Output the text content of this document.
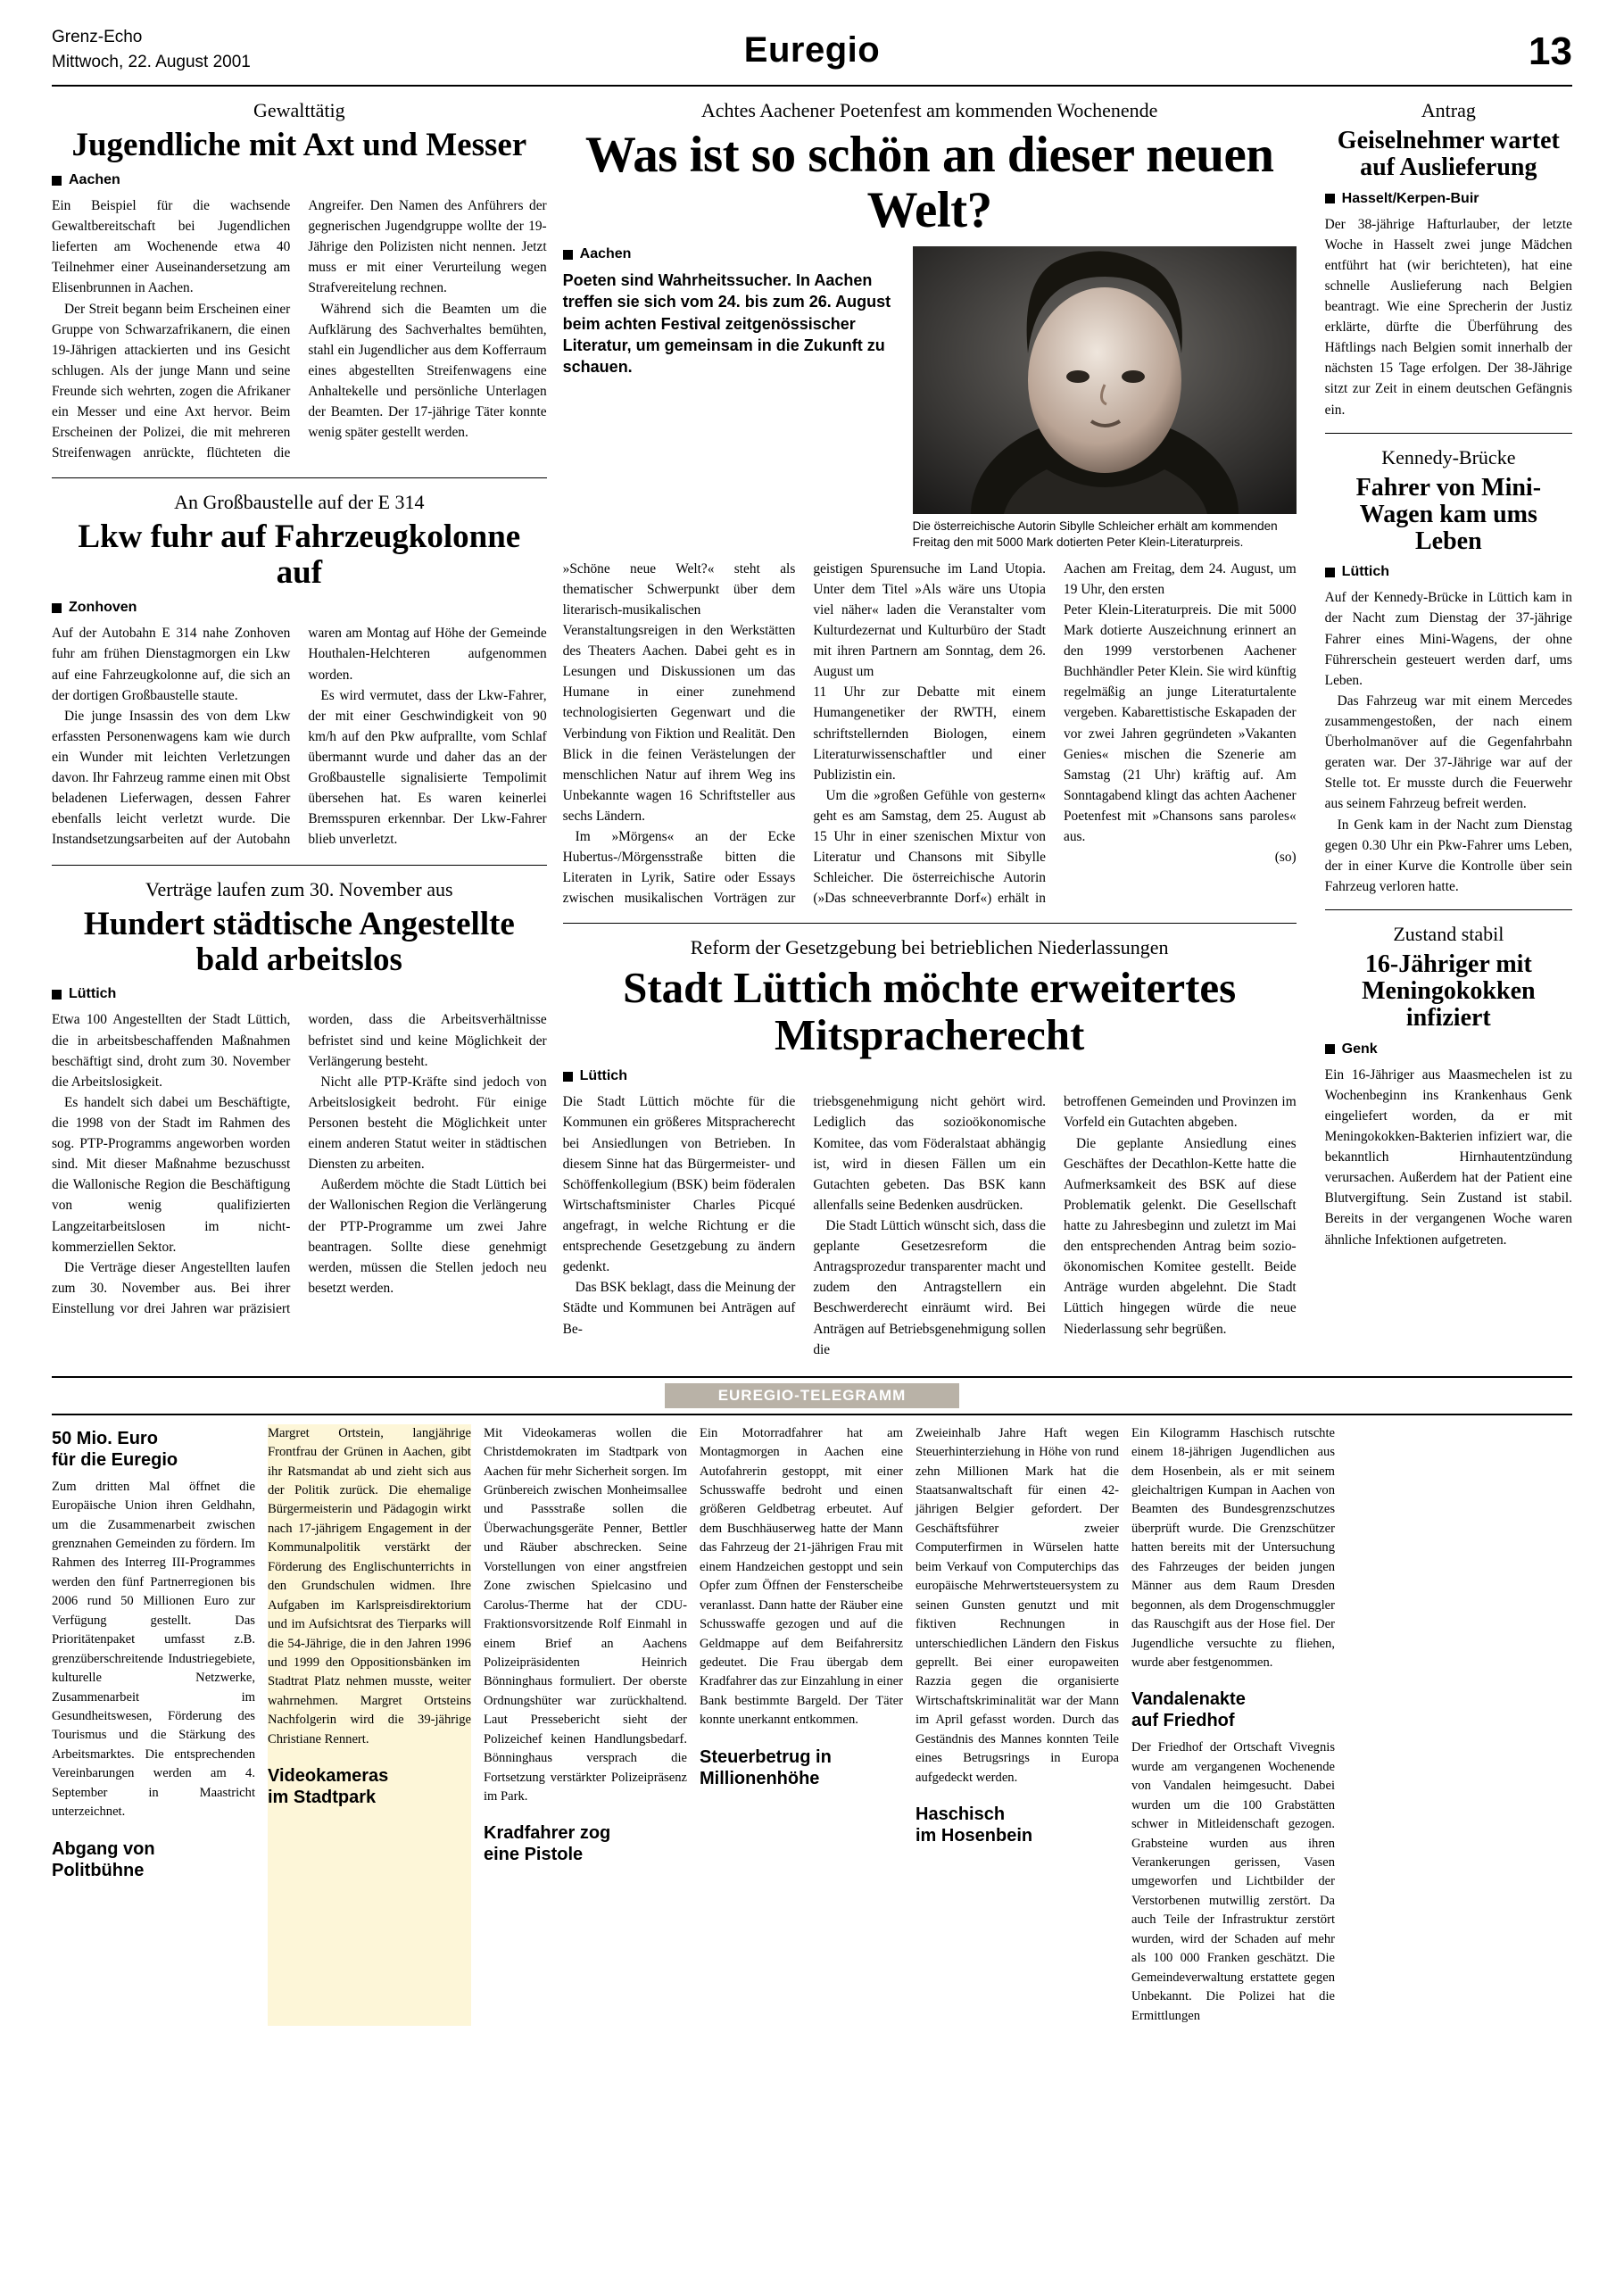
Grenz-Echo
Mittwoch, 22. August 2001	Euregio	13
Gewalttätig
Jugendliche mit Axt und Messer
Aachen

Ein Beispiel für die wachsende Gewaltbereitschaft bei Jugendlichen lieferten am Wochenende etwa 40 Teilnehmer einer Auseinandersetzung am Elisenbrunnen in Aachen.

Der Streit begann beim Erscheinen einer Gruppe von Schwarzafrikanern, die einen 19-Jährigen attackierten und ins Gesicht schlugen. Als der junge Mann und seine Freunde sich wehrten, zogen die Afrikaner ein Messer und eine Axt hervor. Beim Erscheinen der Polizei, die mit mehreren Streifenwagen anrückte, flüchteten die Angreifer. Den Namen des Anführers der gegnerischen Jugendgruppe wollte der 19-Jährige den Polizisten nicht nennen. Jetzt muss er mit einer Verurteilung wegen Strafvereitelung rechnen.

Während sich die Beamten um die Aufklärung des Sachverhaltes bemühten, stahl ein Jugendlicher aus dem Kofferraum eines abgestellten Streifenwagens eine Anhaltekelle und persönliche Unterlagen der Beamten. Der 17-jährige Täter konnte wenig später gestellt werden.

An Großbaustelle auf der E 314
Lkw fuhr auf Fahrzeugkolonne auf
Zonhoven

Auf der Autobahn E 314 nahe Zonhoven fuhr am frühen Dienstagmorgen ein Lkw auf eine Fahrzeugkolonne auf, die sich an der dortigen Großbaustelle staute.

Die junge Insassin des von dem Lkw erfassten Personenwagens kam wie durch ein Wunder mit leichten Verletzungen davon. Ihr Fahrzeug ramme einen mit Obst beladenen Lieferwagen, dessen Fahrer ebenfalls leicht verletzt wurde. Die Instandsetzungsarbeiten auf der Autobahn waren am Montag auf Höhe der Gemeinde Houthalen-Helchteren aufgenommen worden.

Es wird vermutet, dass der Lkw-Fahrer, der mit einer Geschwindigkeit von 90 km/h auf den Pkw aufprallte, vom Schlaf übermannt wurde und daher das an der Großbaustelle signalisierte Tempolimit übersehen hat. Es waren keinerlei Bremsspuren erkennbar. Der Lkw-Fahrer blieb unverletzt.

Verträge laufen zum 30. November aus
Hundert städtische Angestellte bald arbeitslos
Lüttich

Etwa 100 Angestellten der Stadt Lüttich, die in arbeitsbeschaffenden Maßnahmen beschäftigt sind, droht zum 30. November die Arbeitslosigkeit.

Es handelt sich dabei um Beschäftigte, die 1998 von der Stadt im Rahmen des sog. PTP-Programms angeworben worden sind. Mit dieser Maßnahme bezuschusst die Wallonische Region die Beschäftigung von wenig qualifizierten Langzeitarbeitslosen im nicht-kommerziellen Sektor.

Die Verträge dieser Angestellten laufen zum 30. November aus. Bei ihrer Einstellung vor drei Jahren war präzisiert worden, dass die Arbeitsverhältnisse befristet sind und keine Möglichkeit der Verlängerung besteht.

Nicht alle PTP-Kräfte sind jedoch von Arbeitslosigkeit bedroht. Für einige Personen besteht die Möglichkeit unter einem anderen Statut weiter in städtischen Diensten zu arbeiten.

Außerdem möchte die Stadt Lüttich bei der Wallonischen Region die Verlängerung der PTP-Programme um zwei Jahre beantragen. Sollte diese genehmigt werden, müssen die Stellen jedoch neu besetzt werden.

Achtes Aachener Poetenfest am kommenden Wochenende
Was ist so schön an dieser neuen Welt?
Die österreichische Autorin Sibylle Schleicher erhält am kommenden Freitag den mit 5000 Mark dotierten Peter Klein-Literaturpreis.
Aachen
Poeten sind Wahrheitssucher. In Aachen treffen sie sich vom 24. bis zum 26. August beim achten Festival zeitgenössischer Literatur, um gemeinsam in die Zukunft zu schauen.

»Schöne neue Welt?« steht als thematischer Schwerpunkt über dem literarisch-musikalischen Veranstaltungsreigen in den Werkstätten des Theaters Aachen. Dabei geht es in Lesungen und Diskussionen um das Humane in einer zunehmend technologisierten Gegenwart und die Verbindung von Fiktion und Realität. Den Blick in die feinen Verästelungen der menschlichen Natur auf ihrem Weg ins Unbekannte wagen 16 Schriftsteller aus sechs Ländern.

Im »Mörgens« an der Ecke Hubertus-/Mörgensstraße bitten die Literaten in Lyrik, Satire oder Essays zwischen musikalischen Vorträgen zur geistigen Spurensuche im Land Utopia. Unter dem Titel »Als wäre uns Utopia viel näher« laden die Veranstalter vom Kulturdezernat und Kulturbüro der Stadt mit ihren Partnern am Sonntag, dem 26. August um

11 Uhr zur Debatte mit einem Humangenetiker der RWTH, einem schriftstellernden Biologen, einem Literaturwissenschaftler und einer Publizistin ein.

Um die »großen Gefühle von gestern« geht es am Samstag, dem 25. August ab 15 Uhr in einer szenischen Mixtur von Literatur und Chansons mit Sibylle Schleicher. Die österreichische Autorin (»Das schneeverbrannte Dorf«) erhält in Aachen am Freitag, dem 24. August, um 19 Uhr, den ersten

Peter Klein-Literaturpreis. Die mit 5000 Mark dotierte Auszeichnung erinnert an den 1999 verstorbenen Aachener Buchhändler Peter Klein. Sie wird künftig regelmäßig an junge Literaturtalente vergeben. Kabarettistische Eskapaden der vor zwei Jahren gegründeten »Vakanten Genies« mischen die Szenerie am Samstag (21 Uhr) kräftig auf. Am Sonntagabend klingt das achten Aachener Poetenfest mit »Chansons sans paroles« aus.

(so)
Reform der Gesetzgebung bei betrieblichen Niederlassungen
Stadt Lüttich möchte erweitertes Mitspracherecht
Lüttich

Die Stadt Lüttich möchte für die Kommunen ein größeres Mitspracherecht bei Ansiedlungen von Betrieben. In diesem Sinne hat das Bürgermeister- und Schöffenkollegium (BSK) beim föderalen Wirtschaftsminister Charles Picqué angefragt, in welche Richtung er die entsprechende Gesetzgebung zu ändern gedenkt.

Das BSK beklagt, dass die Meinung der Städte und Kommunen bei Anträgen auf Be-

triebsgenehmigung nicht gehört wird. Lediglich das sozioökonomische Komitee, das vom Föderalstaat abhängig ist, wird in diesen Fällen um ein Gutachten gebeten. Das BSK kann allenfalls seine Bedenken ausdrücken.

Die Stadt Lüttich wünscht sich, dass die geplante Gesetzesreform die Antragsprozedur transparenter macht und zudem den Antragstellern ein Beschwerderecht einräumt wird. Bei Anträgen auf Betriebsgenehmigung sollen die

betroffenen Gemeinden und Provinzen im Vorfeld ein Gutachten abgeben.

Die geplante Ansiedlung eines Geschäftes der Decathlon-Kette hatte die Aufmerksamkeit des BSK auf diese Problematik gelenkt. Die Gesellschaft hatte zu Jahresbeginn und zuletzt im Mai den entsprechenden Antrag beim sozio-ökonomischen Komitee gestellt. Beide Anträge wurden abgelehnt. Die Stadt Lüttich hingegen würde die neue Niederlassung sehr begrüßen.

Antrag
Geiselnehmer wartet auf Auslieferung
Hasselt/Kerpen-Buir

Der 38-jährige Hafturlauber, der letzte Woche in Hasselt zwei junge Mädchen entführt hat (wir berichteten), hat eine schnelle Auslieferung nach Belgien beantragt. Wie eine Sprecherin der Justiz erklärte, dürfte die Überführung des Häftlings nach Belgien somit innerhalb der nächsten 15 Tage erfolgen. Der 38-Jährige sitzt zur Zeit in einem deutschen Gefängnis ein.

Kennedy-Brücke
Fahrer von Mini-Wagen kam ums Leben
Lüttich

Auf der Kennedy-Brücke in Lüttich kam in der Nacht zum Dienstag der 37-jährige Fahrer eines Mini-Wagens, der ohne Führerschein gesteuert werden darf, ums Leben.

Das Fahrzeug war mit einem Mercedes zusammengestoßen, der nach einem Überholmanöver auf die Gegenfahrbahn geraten war. Der 37-Jährige war auf der Stelle tot. Er musste durch die Feuerwehr aus seinem Fahrzeug befreit werden.

In Genk kam in der Nacht zum Dienstag gegen 0.30 Uhr ein Pkw-Fahrer ums Leben, der in einer Kurve die Kontrolle über sein Fahrzeug verloren hatte.

Zustand stabil
16-Jähriger mit Meningokokken infiziert
Genk

Ein 16-Jähriger aus Maasmechelen ist zu Wochenbeginn ins Krankenhaus Genk eingeliefert worden, da er mit Meningokokken-Bakterien infiziert war, die bekanntlich Hirnhautentzündung verursachen. Außerdem hat der Patient eine Blutvergiftung. Sein Zustand ist stabil. Bereits in der vergangenen Woche waren ähnliche Infektionen aufgetreten.

EUREGIO-TELEGRAMM
50 Mio. Euro
für die Euregio

Zum dritten Mal öffnet die Europäische Union ihren Geldhahn, um die Zusammenarbeit zwischen grenznahen Gemeinden zu fördern. Im Rahmen des Interreg III-Programmes werden den fünf Partnerregionen bis 2006 rund 50 Millionen Euro zur Verfügung gestellt. Das Prioritätenpaket umfasst z.B. grenzüberschreitende Industriegebiete, kulturelle Netzwerke, Zusammenarbeit im Gesundheitswesen, Förderung des Tourismus und die Stärkung des Arbeitsmarktes. Die entsprechenden Vereinbarungen werden am 4. September in Maastricht unterzeichnet.

Abgang von
Politbühne

Margret Ortstein, langjährige Frontfrau der Grünen in Aachen, gibt ihr Ratsmandat ab und zieht sich aus der Politik zurück. Die ehemalige Bürgermeisterin und Pädagogin wirkt nach 17-jährigem Engagement in der Kommunalpolitik verstärkt der Förderung des Englischunterrichts in den Grundschulen widmen. Ihre Aufgaben im Karlspreisdirektorium und im Aufsichtsrat des Tierparks will die 54-Jährige, die in den Jahren 1996 und 1999 den Oppositionsbänken im Stadtrat Platz nehmen musste, weiter wahrnehmen. Margret Ortsteins Nachfolgerin wird die 39-jährige Christiane Rennert.

Videokameras
im Stadtpark

Mit Videokameras wollen die Christdemokraten im Stadtpark von Aachen für mehr Sicherheit sorgen. Im Grünbereich zwischen Monheimsallee und Passstraße sollen die Überwachungsgeräte Penner, Bettler und Räuber abschrecken. Seine Vorstellungen von einer angstfreien Zone zwischen Spielcasino und Carolus-Therme hat der CDU-Fraktionsvorsitzende Rolf Einmahl in einem Brief an Aachens Polizeipräsidenten Heinrich Bönninghaus formuliert. Der oberste Ordnungshüter war zurückhaltend. Laut Pressebericht sieht der Polizeichef keinen Handlungsbedarf. Bönninghaus versprach die Fortsetzung verstärkter Polizeipräsenz im Park.

Kradfahrer zog
eine Pistole

Ein Motorradfahrer hat am Montagmorgen in Aachen eine Autofahrerin gestoppt, mit einer Schusswaffe bedroht und einen größeren Geldbetrag erbeutet. Auf dem Buschhäuserweg hatte der Mann das Fahrzeug der 21-jährigen Frau mit einem Handzeichen gestoppt und sein Opfer zum Öffnen der Fensterscheibe veranlasst. Dann hatte der Räuber eine Schusswaffe gezogen und auf die Geldmappe auf dem Beifahrersitz gedeutet. Die Frau übergab dem Kradfahrer das zur Einzahlung in einer Bank bestimmte Bargeld. Der Täter konnte unerkannt entkommen.

Steuerbetrug in
Millionenhöhe

Zweieinhalb Jahre Haft wegen Steuerhinterziehung in Höhe von rund zehn Millionen Mark hat die Staatsanwaltschaft für einen 42-jährigen Belgier gefordert. Der Geschäftsführer zweier Computerfirmen in Würselen hatte beim Verkauf von Computerchips das europäische Mehrwertsteuersystem zu seinen Gunsten genutzt und mit fiktiven Rechnungen in unterschiedlichen Ländern den Fiskus geprellt. Bei einer europaweiten Razzia gegen die organisierte Wirtschaftskriminalität war der Mann im April gefasst worden. Durch das Geständnis des Mannes konnten Teile eines Betrugsrings in Europa aufgedeckt werden.

Haschisch
im Hosenbein

Ein Kilogramm Haschisch rutschte einem 18-jährigen Jugendlichen aus dem Hosenbein, als er mit seinem gleichaltrigen Kumpan in Aachen von Beamten des Bundesgrenzschutzes überprüft wurde. Die Grenzschützer hatten bereits mit der Untersuchung des Fahrzeuges der beiden jungen Männer aus dem Raum Dresden begonnen, als dem Drogenschmuggler das Rauschgift aus der Hose fiel. Der Jugendliche versuchte zu fliehen, wurde aber festgenommen.

Vandalenakte
auf Friedhof

Der Friedhof der Ortschaft Vivegnis wurde am vergangenen Wochenende von Vandalen heimgesucht. Dabei wurden um die 100 Grabstätten schwer in Mitleidenschaft gezogen. Grabsteine wurden aus ihren Verankerungen gerissen, Vasen umgeworfen und Lichtbilder der Verstorbenen mutwillig zerstört. Da auch Teile der Infrastruktur zerstört wurden, wird der Schaden auf mehr als 100 000 Franken geschätzt. Die Gemeindeverwaltung erstattete gegen Unbekannt. Die Polizei hat die Ermittlungen
